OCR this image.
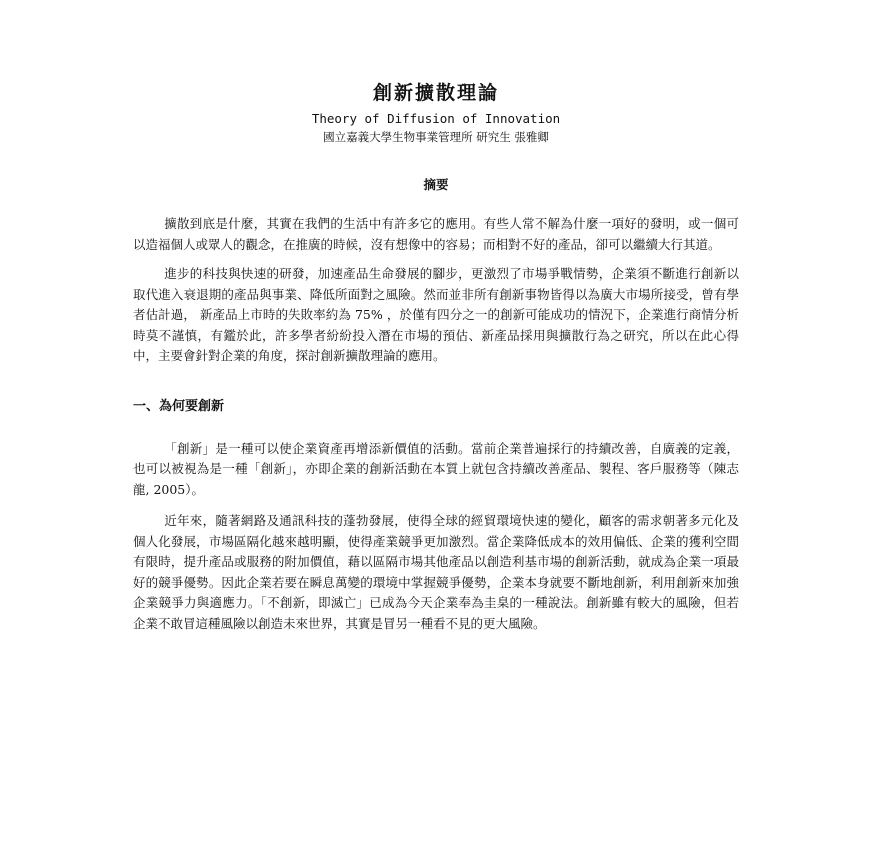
創新擴散理論
Theory of Diffusion of Innovation
國立嘉義大學生物事業管理所 研究生 張雅卿
摘要

擴散到底是什麼，其實在我們的生活中有許多它的應用。有些人常不解為什麼一項好的發明，或一個可以造福個人或眾人的觀念，在推廣的時候，沒有想像中的容易；而相對不好的產品，卻可以繼續大行其道。

進步的科技與快速的研發，加速產品生命發展的腳步，更激烈了市場爭戰情勢，企業須不斷進行創新以取代進入衰退期的產品與事業、降低所面對之風險。然而並非所有創新事物皆得以為廣大市場所接受，曾有學者估計過， 新產品上市時的失敗率約為 75% ，於僅有四分之一的創新可能成功的情況下，企業進行商情分析時莫不謹慎，有鑑於此，許多學者紛紛投入潛在市場的預估、新產品採用與擴散行為之研究，所以在此心得中，主要會針對企業的角度，探討創新擴散理論的應用。

一、為何要創新

「創新」是一種可以使企業資產再增添新價值的活動。當前企業普遍採行的持續改善，自廣義的定義，也可以被視為是一種「創新」，亦即企業的創新活動在本質上就包含持續改善產品、製程、客戶服務等（陳志龍, 2005）。

近年來，隨著網路及通訊科技的蓬勃發展，使得全球的經貿環境快速的變化，顧客的需求朝著多元化及個人化發展，市場區隔化越來越明顯，使得產業競爭更加激烈。當企業降低成本的效用偏低、企業的獲利空間有限時，提升產品或服務的附加價值，藉以區隔市場其他產品以創造利基市場的創新活動，就成為企業一項最好的競爭優勢。因此企業若要在瞬息萬變的環境中掌握競爭優勢，企業本身就要不斷地創新，利用創新來加強企業競爭力與適應力。「不創新，即滅亡」已成為今天企業奉為圭臬的一種說法。創新雖有較大的風險，但若企業不敢冒這種風險以創造未來世界，其實是冒另一種看不見的更大風險。
